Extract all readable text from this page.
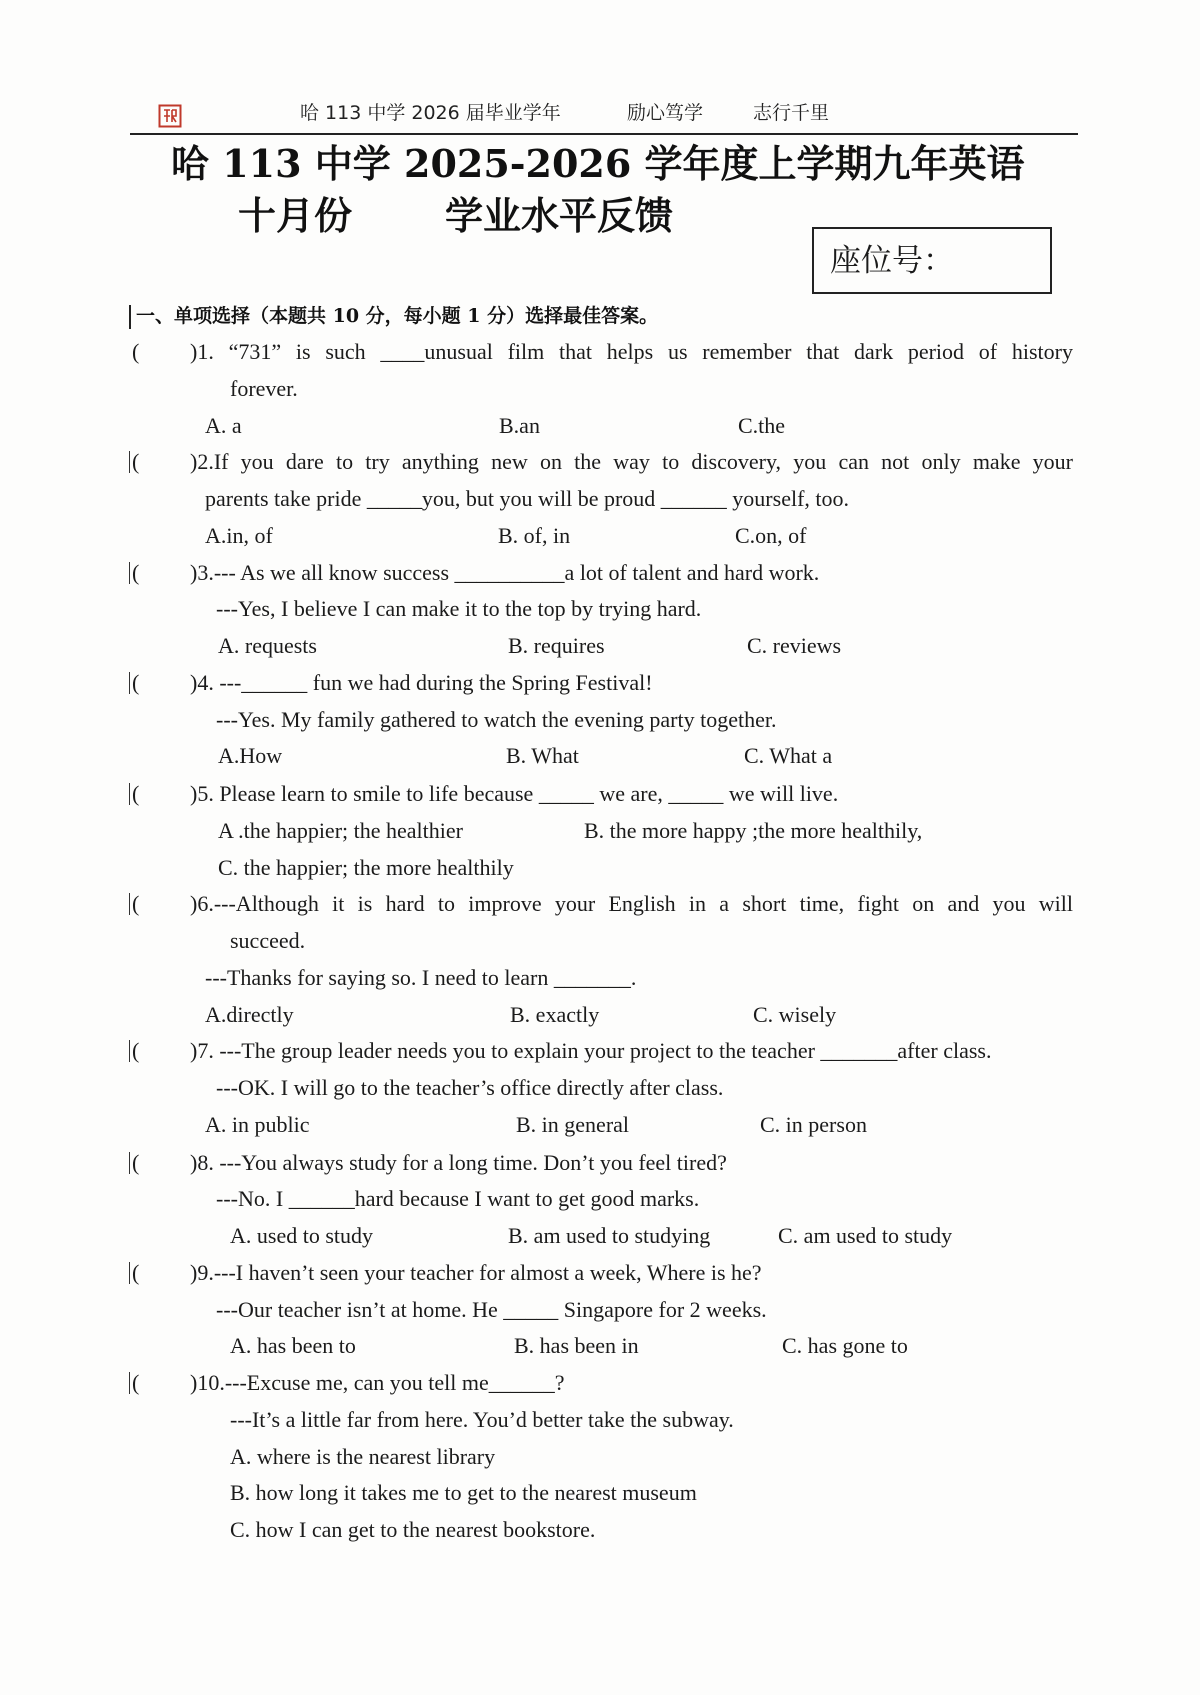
哈 113 中学 2026 届毕业学年	励心笃学	志行千里
哈 113 中学 2025-2026 学年度上学期九年英语
十月份 学业水平反馈
座位号：
一、单项选择（本题共 10 分，每小题 1 分）选择最佳答案。
( )1. “731” is such ____unusual film that helps us remember that dark period of history
forever.
A. a	B.an	C.the
( )2.If you dare to try anything new on the way to discovery, you can not only make your
parents take pride _____you, but you will be proud ______ yourself, too.
A.in, of	B. of, in	C.on, of
( )3.--- As we all know success __________a lot of talent and hard work.
---Yes, I believe I can make it to the top by trying hard.
A. requests	B. requires	C. reviews
( )4. ---______ fun we had during the Spring Festival!
---Yes. My family gathered to watch the evening party together.
A.How	B. What	C. What a
( )5. Please learn to smile to life because _____ we are, _____ we will live.
A .the happier; the healthier	B. the more happy ;the more healthily,
C. the happier; the more healthily
( )6.---Although it is hard to improve your English in a short time, fight on and you will
succeed.
---Thanks for saying so. I need to learn _______.
A.directly	B. exactly	C. wisely
( )7. ---The group leader needs you to explain your project to the teacher _______after class.
---OK. I will go to the teacher’s office directly after class.
A. in public	B. in general	C. in person
( )8. ---You always study for a long time. Don’t you feel tired?
---No. I ______hard because I want to get good marks.
A. used to study	B. am used to studying	C. am used to study
( )9.---I haven’t seen your teacher for almost a week, Where is he?
---Our teacher isn’t at home. He _____ Singapore for 2 weeks.
A. has been to	B. has been in	C. has gone to
( )10.---Excuse me, can you tell me______?
---It’s a little far from here. You’d better take the subway.
A. where is the nearest library
B. how long it takes me to get to the nearest museum
C. how I can get to the nearest bookstore.
